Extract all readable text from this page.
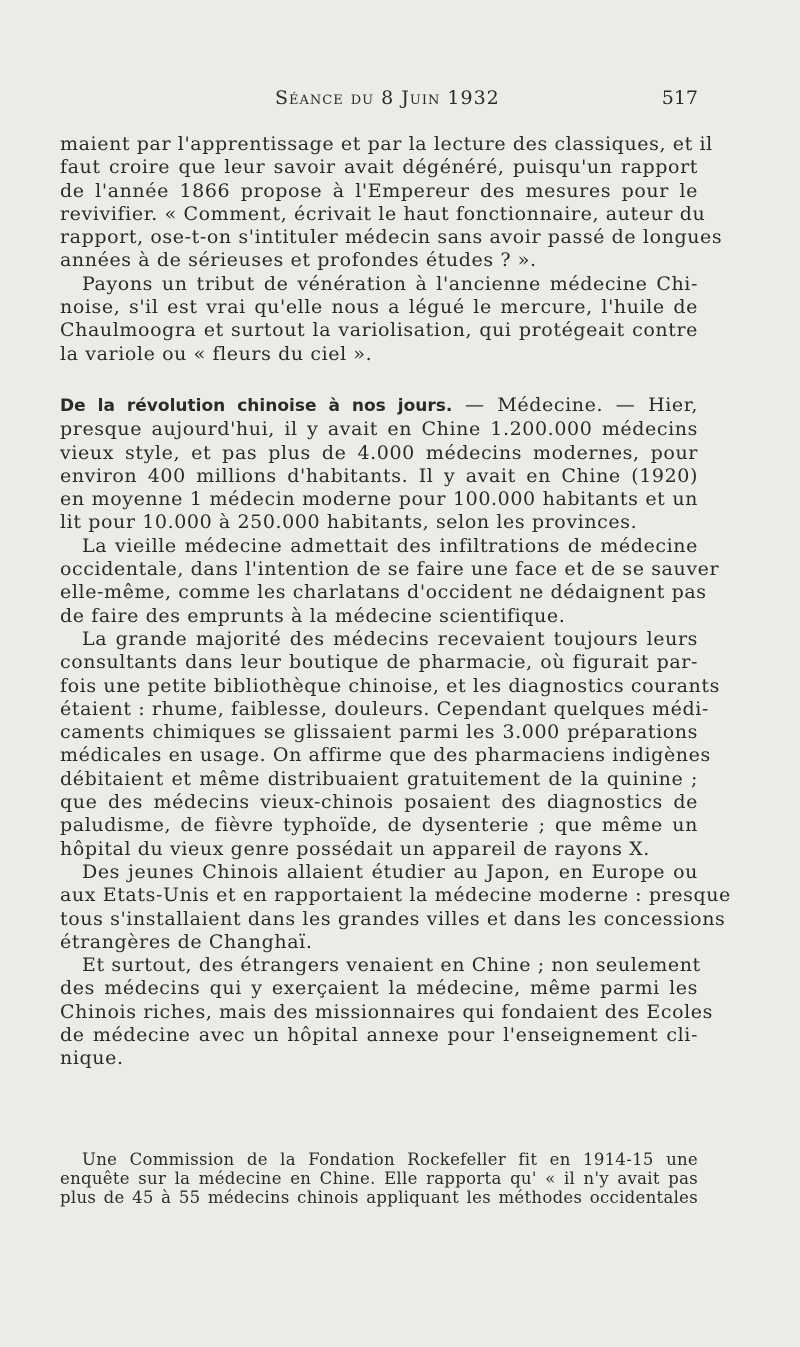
Séance du 8 Juin 1932	517
maient par l'apprentissage et par la lecture des classiques, et il
faut croire que leur savoir avait dégénéré, puisqu'un rapport
de l'année 1866 propose à l'Empereur des mesures pour le
revivifier. « Comment, écrivait le haut fonctionnaire, auteur du
rapport, ose-t-on s'intituler médecin sans avoir passé de longues
années à de sérieuses et profondes études ? ».
Payons un tribut de vénération à l'ancienne médecine Chi-
noise, s'il est vrai qu'elle nous a légué le mercure, l'huile de
Chaulmoogra et surtout la variolisation, qui protégeait contre
la variole ou « fleurs du ciel ».
De la révolution chinoise à nos jours. — Médecine. — Hier,
presque aujourd'hui, il y avait en Chine 1.200.000 médecins
vieux style, et pas plus de 4.000 médecins modernes, pour
environ 400 millions d'habitants. Il y avait en Chine (1920)
en moyenne 1 médecin moderne pour 100.000 habitants et un
lit pour 10.000 à 250.000 habitants, selon les provinces.
La vieille médecine admettait des infiltrations de médecine
occidentale, dans l'intention de se faire une face et de se sauver
elle-même, comme les charlatans d'occident ne dédaignent pas
de faire des emprunts à la médecine scientifique.
La grande majorité des médecins recevaient toujours leurs
consultants dans leur boutique de pharmacie, où figurait par-
fois une petite bibliothèque chinoise, et les diagnostics courants
étaient : rhume, faiblesse, douleurs. Cependant quelques médi-
caments chimiques se glissaient parmi les 3.000 préparations
médicales en usage. On affirme que des pharmaciens indigènes
débitaient et même distribuaient gratuitement de la quinine ;
que des médecins vieux-chinois posaient des diagnostics de
paludisme, de fièvre typhoïde, de dysenterie ; que même un
hôpital du vieux genre possédait un appareil de rayons X.
Des jeunes Chinois allaient étudier au Japon, en Europe ou
aux Etats-Unis et en rapportaient la médecine moderne : presque
tous s'installaient dans les grandes villes et dans les concessions
étrangères de Changhaï.
Et surtout, des étrangers venaient en Chine ; non seulement
des médecins qui y exerçaient la médecine, même parmi les
Chinois riches, mais des missionnaires qui fondaient des Ecoles
de médecine avec un hôpital annexe pour l'enseignement cli-
nique.
Une Commission de la Fondation Rockefeller fit en 1914-15 une
enquête sur la médecine en Chine. Elle rapporta qu' « il n'y avait pas
plus de 45 à 55 médecins chinois appliquant les méthodes occidentales
